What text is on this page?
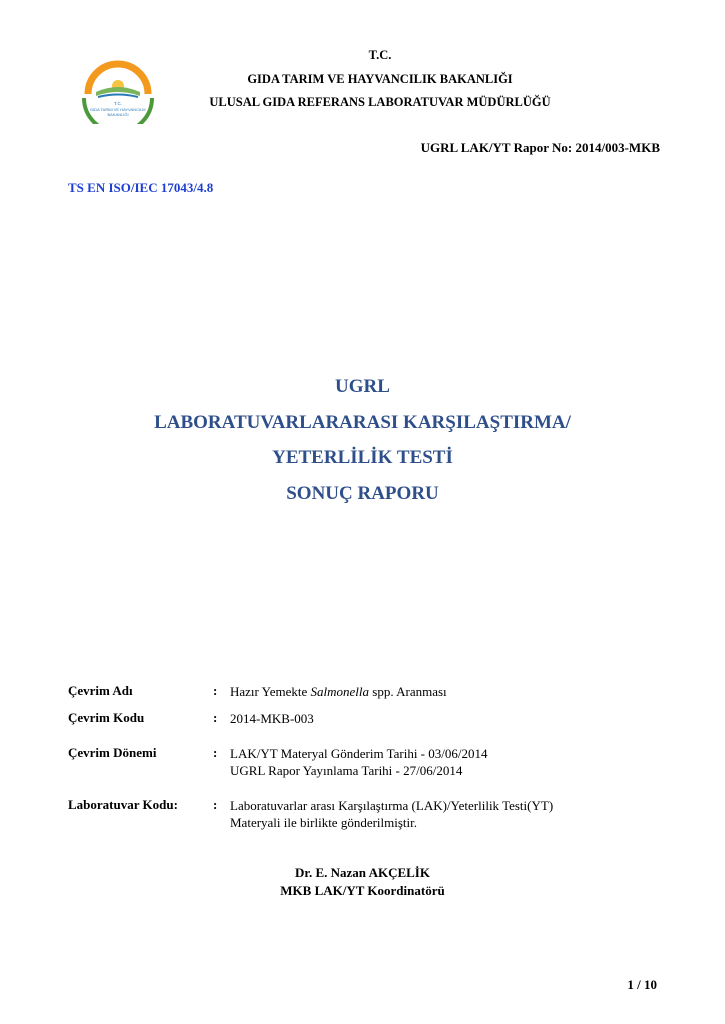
T.C.
GIDA TARIM VE HAYVANCILIK
BAKANLIĞI
T.C.
GIDA TARIM VE HAYVANCILIK BAKANLIĞI
ULUSAL GIDA REFERANS LABORATUVAR MÜDÜRLÜĞÜ
UGRL LAK/YT Rapor No: 2014/003-MKB
TS EN ISO/IEC 17043/4.8
UGRL
LABORATUVARLARARASI KARŞILAŞTIRMA/
YETERLİLİK TESTİ
SONUÇ RAPORU
Çevrim Adı	: Hazır Yemekte Salmonella spp. Aranması
Çevrim Kodu	: 2014-MKB-003
Çevrim Dönemi	: LAK/YT Materyal Gönderim Tarihi - 03/06/2014
UGRL Rapor Yayınlama Tarihi - 27/06/2014
Laboratuvar Kodu:	: Laboratuvarlar arası Karşılaştırma (LAK)/Yeterlilik Testi(YT)
Materyali ile birlikte gönderilmiştir.
Dr. E. Nazan AKÇELİK
MKB LAK/YT Koordinatörü
1 / 10
